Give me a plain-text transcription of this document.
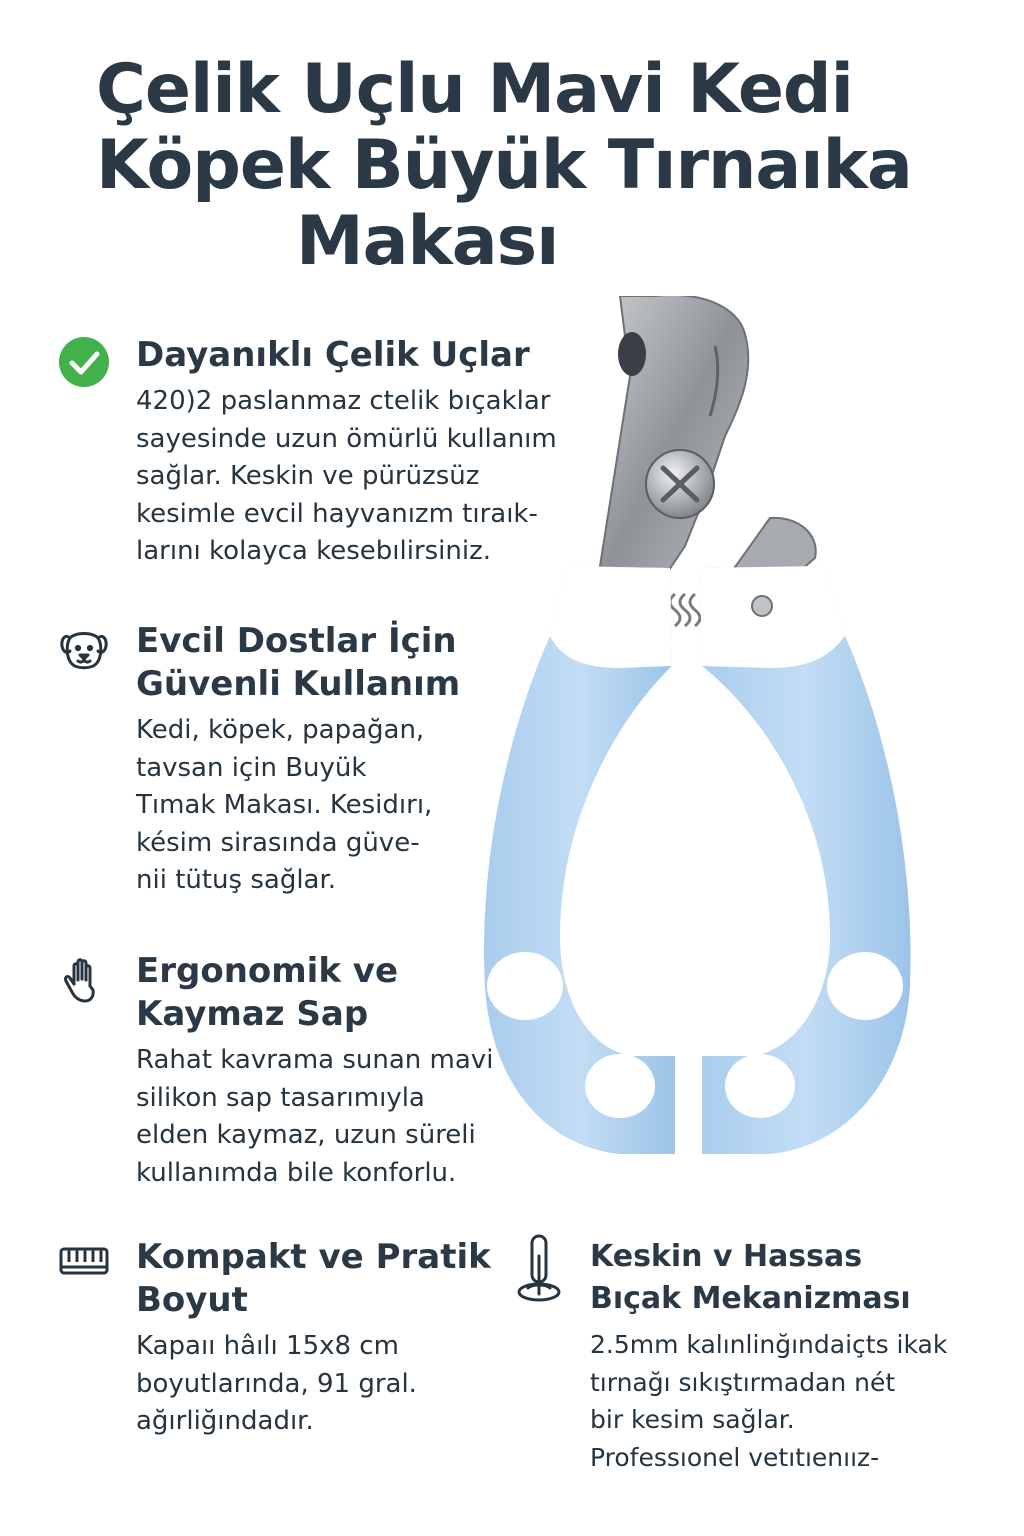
Çelik Uçlu Mavi Kedi
Köpek Büyük Tırnaıka
Makası
Dayanıklı Çelik Uçlar

420)2 paslanmaz ctelik bıçaklar
sayesinde uzun ömürlü kullanım
sağlar. Keskin ve pürüzsüz
kesimle evcil hayvanızm tıraık-
larını kolayca kesebılirsiniz.

Evcil Dostlar İçin
Güvenli Kullanım

Kedi, köpek, papağan,
tavsan için Buyük
Tımak Makası. Kesidırı,
késim sirasında güve-
nii tütuş sağlar.

Ergonomik ve
Kaymaz Sap

Rahat kavrama sunan mavi
silikon sap tasarımıyla
elden kaymaz, uzun süreli
kullanımda bile konforlu.

Kompakt ve Pratik
Boyut

Kapaıı hâılı 15x8 cm
boyutlarında, 91 gral.
ağırliğındadır.

Keskin v Hassas
Bıçak Mekanizması

2.5mm kalınlinğındaiçts ikak
tırnağı sıkıştırmadan nét
bir kesim sağlar.
Professıonel vetıtıenıız-
